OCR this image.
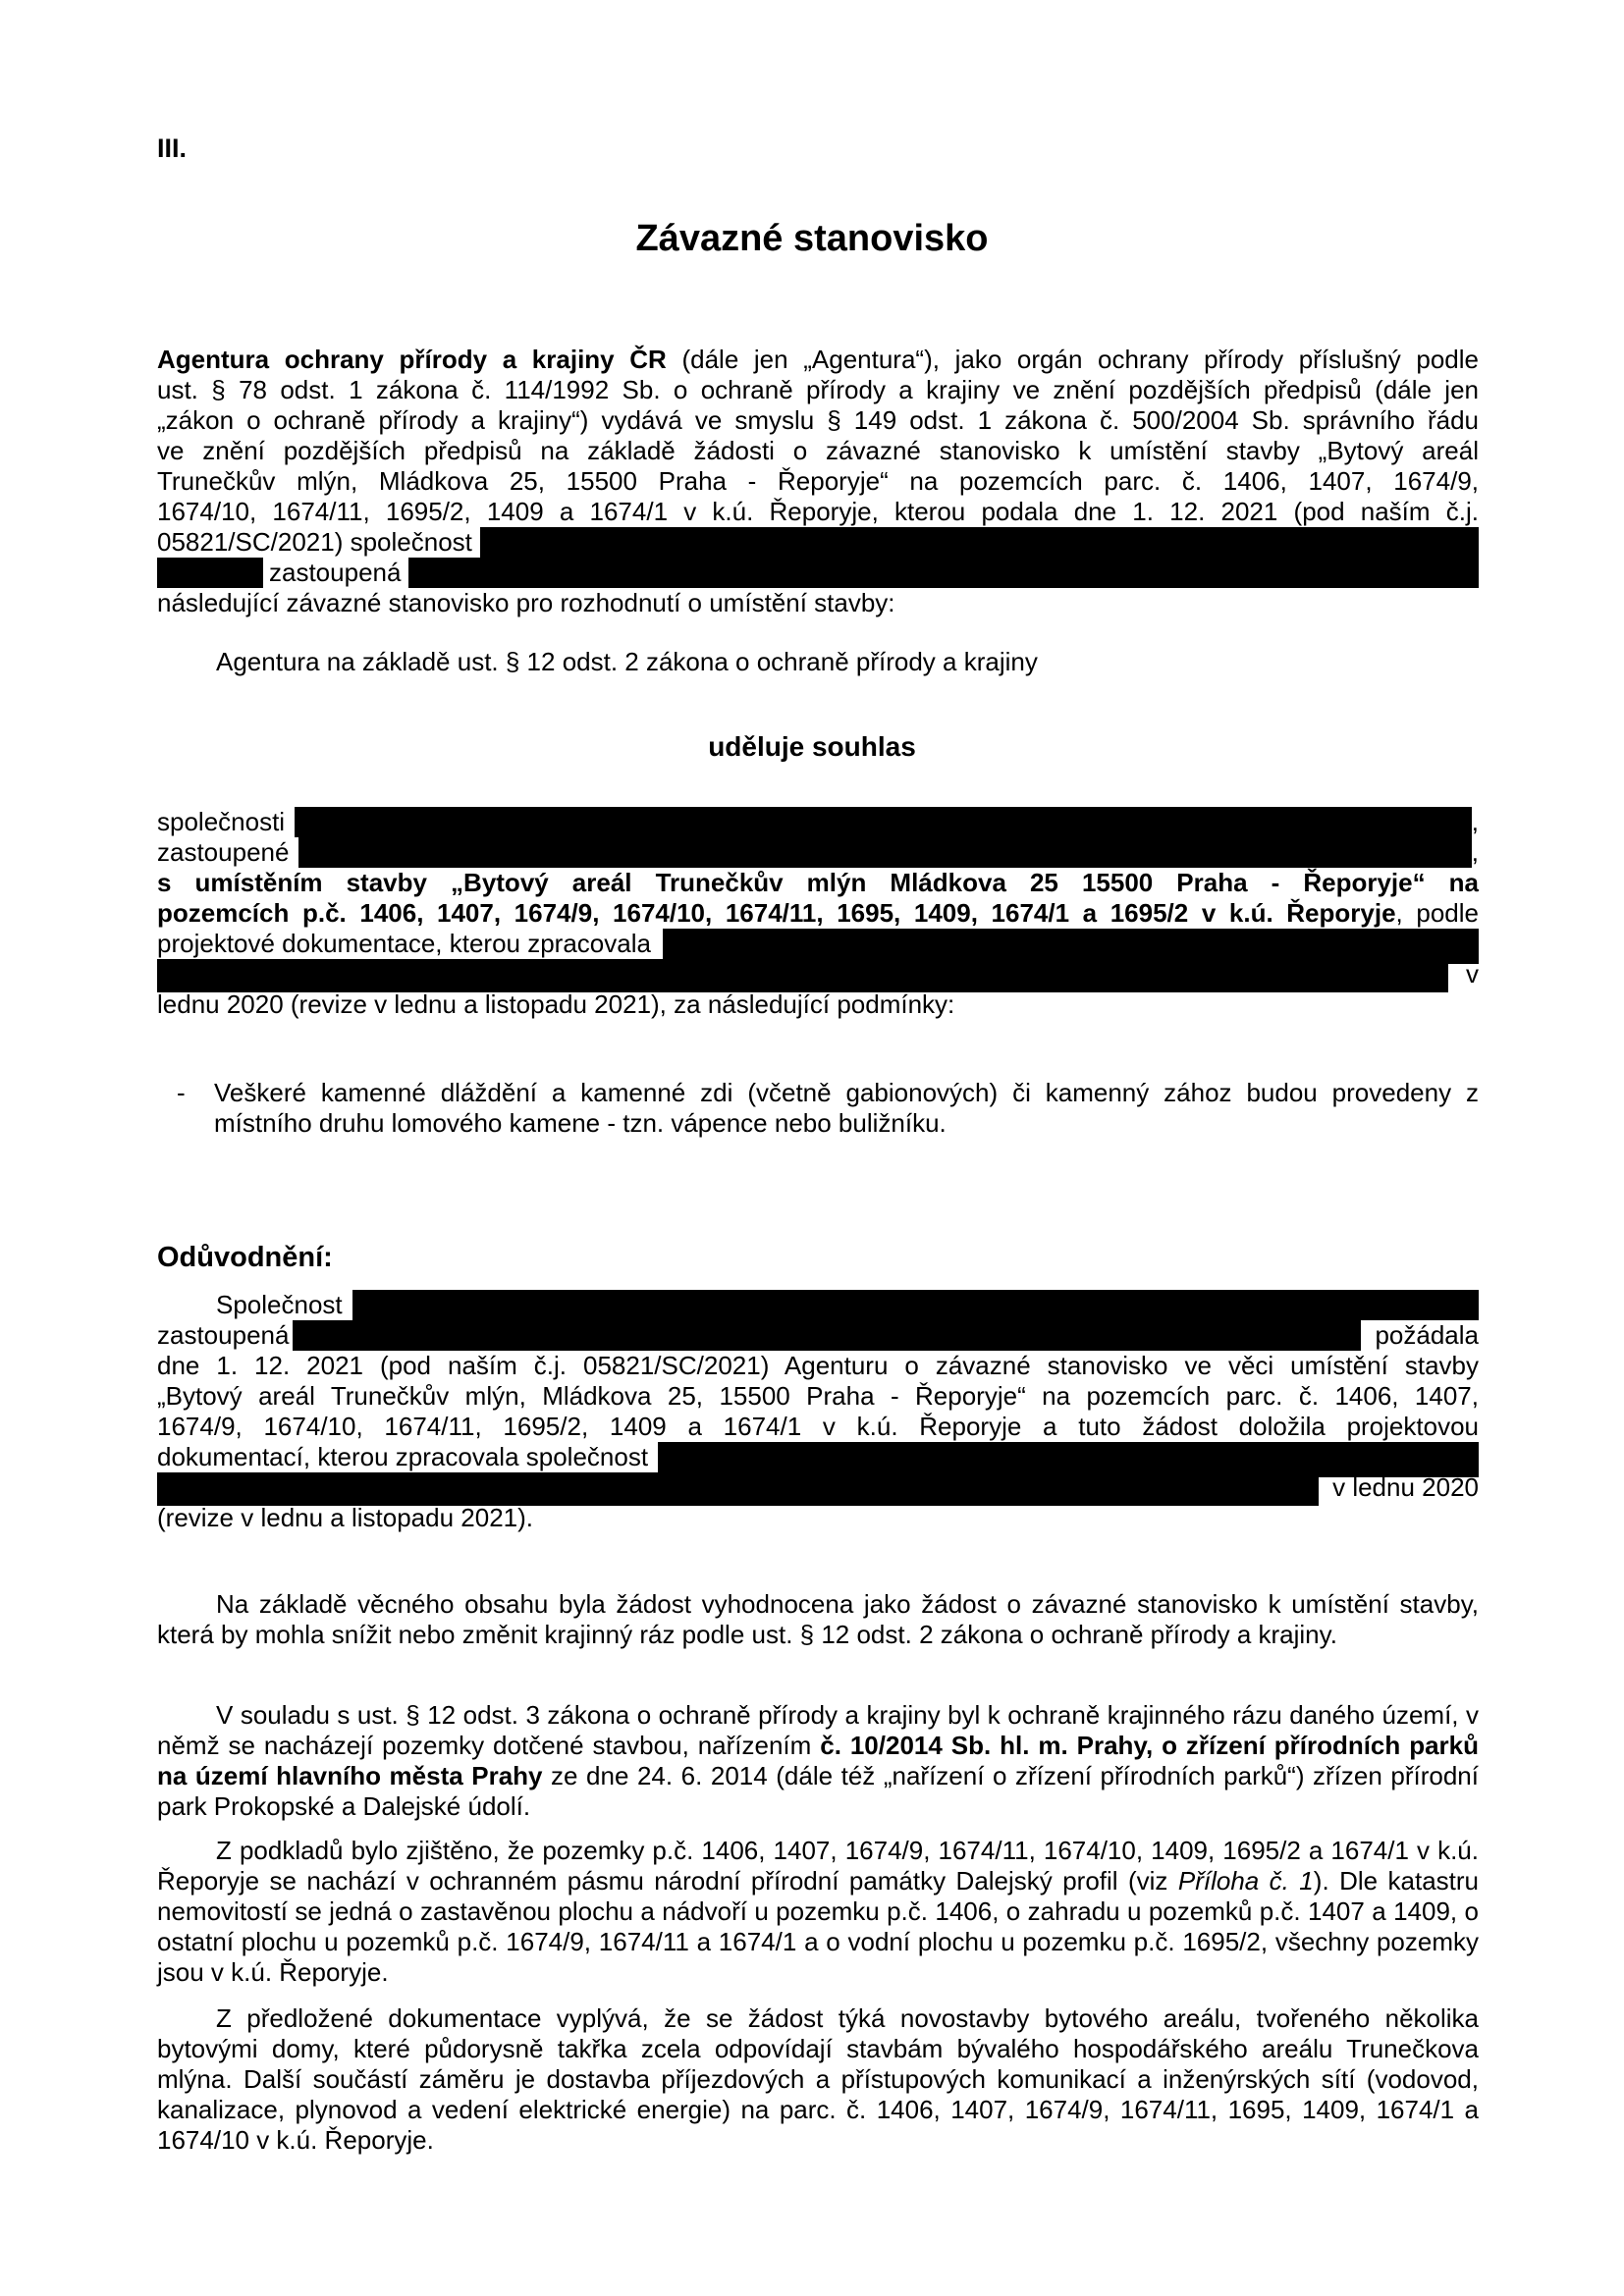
III.
Závazné stanovisko

Agentura ochrany přírody a krajiny ČR (dále jen „Agentura“), jako orgán ochrany přírody příslušný podle

ust. § 78 odst. 1 zákona č. 114/1992 Sb. o ochraně přírody a krajiny ve znění pozdějších předpisů (dále jen

„zákon o ochraně přírody a krajiny“) vydává ve smyslu § 149 odst. 1 zákona č. 500/2004 Sb. správního řádu

ve znění pozdějších předpisů na základě žádosti o závazné stanovisko k umístění stavby „Bytový areál

Trunečkův mlýn, Mládkova 25, 15500 Praha - Řeporyje“ na pozemcích parc. č. 1406, 1407, 1674/9,

1674/10, 1674/11, 1695/2, 1409 a 1674/1 v k.ú. Řeporyje, kterou podala dne 1. 12. 2021 (pod naším č.j.

05821/SC/2021) společnost
zastoupená

následující závazné stanovisko pro rozhodnutí o umístění stavby:

Agentura na základě ust. § 12 odst. 2 zákona o ochraně přírody a krajiny

uděluje souhlas
společnosti	,
zastoupené	,

s umístěním stavby „Bytový areál Trunečkův mlýn Mládkova 25 15500 Praha - Řeporyje“ na

pozemcích p.č. 1406, 1407, 1674/9, 1674/10, 1674/11, 1695, 1409, 1674/1 a 1695/2 v k.ú. Řeporyje, podle

projektové dokumentace, kterou zpracovala
v

lednu 2020 (revize v lednu a listopadu 2021), za následující podmínky:

-	Veškeré kamenné dláždění a kamenné zdi (včetně gabionových) či kamenný zához budou provedeny z

místního druhu lomového kamene - tzn. vápence nebo buližníku.

Odůvodnění:
Společnost
zastoupená	požádala

dne 1. 12. 2021 (pod naším č.j. 05821/SC/2021) Agenturu o závazné stanovisko ve věci umístění stavby

„Bytový areál Trunečkův mlýn, Mládkova 25, 15500 Praha - Řeporyje“ na pozemcích parc. č. 1406, 1407,

1674/9, 1674/10, 1674/11, 1695/2, 1409 a 1674/1 v k.ú. Řeporyje a tuto žádost doložila projektovou

dokumentací, kterou zpracovala společnost
v lednu 2020

(revize v lednu a listopadu 2021).

Na základě věcného obsahu byla žádost vyhodnocena jako žádost o závazné stanovisko k umístění stavby, která by mohla snížit nebo změnit krajinný ráz podle ust. § 12 odst. 2 zákona o ochraně přírody a krajiny.

V souladu s ust. § 12 odst. 3 zákona o ochraně přírody a krajiny byl k ochraně krajinného rázu daného území, v němž se nacházejí pozemky dotčené stavbou, nařízením č. 10/2014 Sb. hl. m. Prahy, o zřízení přírodních parků na území hlavního města Prahy ze dne 24. 6. 2014 (dále též „nařízení o zřízení přírodních parků“) zřízen přírodní park Prokopské a Dalejské údolí.

Z podkladů bylo zjištěno, že pozemky p.č. 1406, 1407, 1674/9, 1674/11, 1674/10, 1409, 1695/2 a 1674/1 v k.ú. Řeporyje se nachází v ochranném pásmu národní přírodní památky Dalejský profil (viz Příloha č. 1). Dle katastru nemovitostí se jedná o zastavěnou plochu a nádvoří u pozemku p.č. 1406, o zahradu u pozemků p.č. 1407 a 1409, o ostatní plochu u pozemků p.č. 1674/9, 1674/11 a 1674/1 a o vodní plochu u pozemku p.č. 1695/2, všechny pozemky jsou v k.ú. Řeporyje.

Z předložené dokumentace vyplývá, že se žádost týká novostavby bytového areálu, tvořeného několika bytovými domy, které půdorysně takřka zcela odpovídají stavbám bývalého hospodářského areálu Trunečkova mlýna. Další součástí záměru je dostavba příjezdových a přístupových komunikací a inženýrských sítí (vodovod, kanalizace, plynovod a vedení elektrické energie) na parc. č. 1406, 1407, 1674/9, 1674/11, 1695, 1409, 1674/1 a 1674/10 v k.ú. Řeporyje.
